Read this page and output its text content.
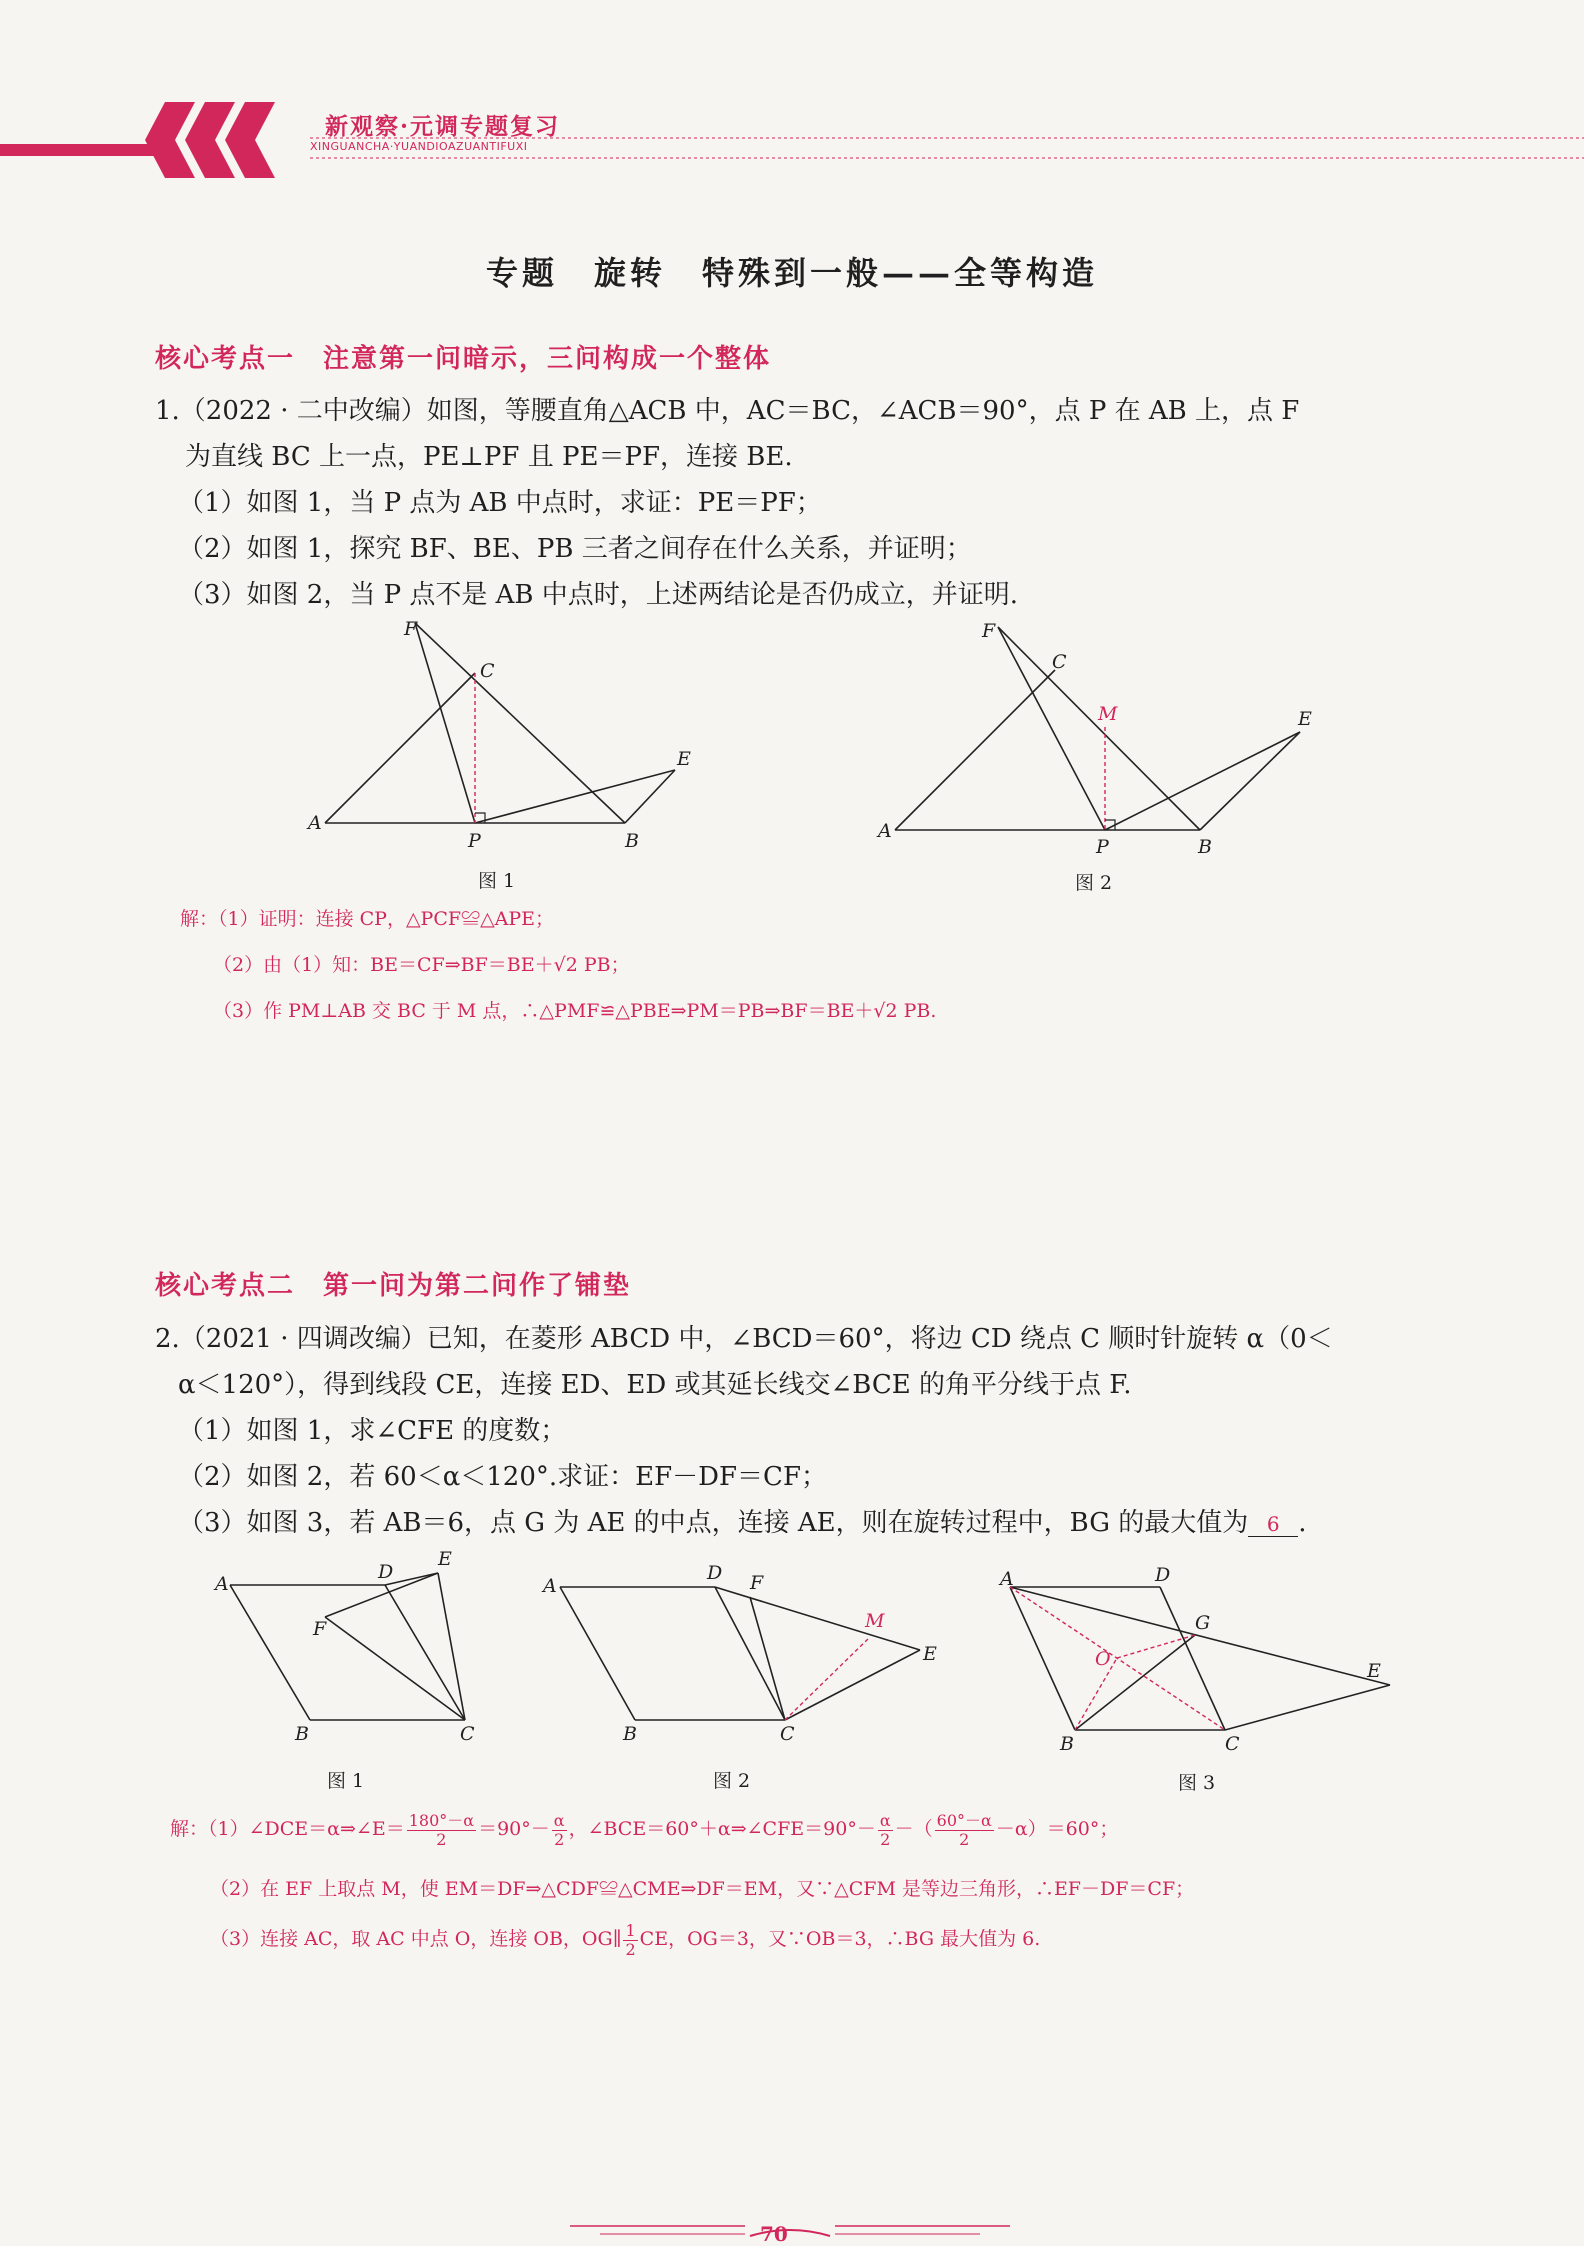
新观察·元调专题复习
XINGUANCHA·YUANDIOAZUANTIFUXI
专题　旋转　特殊到一般——全等构造
核心考点一　注意第一问暗示，三问构成一个整体
1.（2022 · 二中改编）如图，等腰直角△ACB 中，AC＝BC，∠ACB＝90°，点 P 在 AB 上，点 F
为直线 BC 上一点，PE⊥PF 且 PE＝PF，连接 BE.
（1）如图 1，当 P 点为 AB 中点时，求证：PE＝PF；
（2）如图 1，探究 BF、BE、PB 三者之间存在什么关系，并证明；
（3）如图 2，当 P 点不是 AB 中点时，上述两结论是否仍成立，并证明.
F
C
A
P	B
E
图 1
F
C
M
A
P	B
E
图 2
解：（1）证明：连接 CP，△PCF≌△APE；
（2）由（1）知：BE＝CF⇒BF＝BE＋√2 PB；
（3）作 PM⊥AB 交 BC 于 M 点，∴△PMF≌△PBE⇒PM＝PB⇒BF＝BE＋√2 PB.
核心考点二　第一问为第二问作了铺垫
2.（2021 · 四调改编）已知，在菱形 ABCD 中，∠BCD＝60°，将边 CD 绕点 C 顺时针旋转 α（0＜
α＜120°），得到线段 CE，连接 ED、ED 或其延长线交∠BCE 的角平分线于点 F.
（1）如图 1，求∠CFE 的度数；
（2）如图 2，若 60＜α＜120°.求证：EF－DF＝CF；
（3）如图 3，若 AB＝6，点 G 为 AE 的中点，连接 AE，则在旋转过程中，BG 的最大值为 6 .
A
D
E
F
B	C
图 1
A
D F
M
E
B	C
图 2
A	D
G
O
E
B	C
图 3
解：（1）∠DCE＝α⇒∠E＝ $\frac{180^\circ-\alpha}{2} =90^\circ- \frac{\alpha}{2}$ ，∠BCE＝60°＋α⇒∠CFE＝90°－ $\frac{\alpha}{2}$ －（ $\frac{60^\circ-\alpha}{2} -\alpha)=60^\circ$；
（2）在 EF 上取点 M，使 EM＝DF⇒△CDF≌△CME⇒DF＝EM，又∵△CFM 是等边三角形，∴EF－DF＝CF；
（3）连接 AC，取 AC 中点 O，连接 OB，OG∥ $\frac{1}{2}$ CE，OG＝3，又∵OB＝3，∴BG 最大值为 6.
70
